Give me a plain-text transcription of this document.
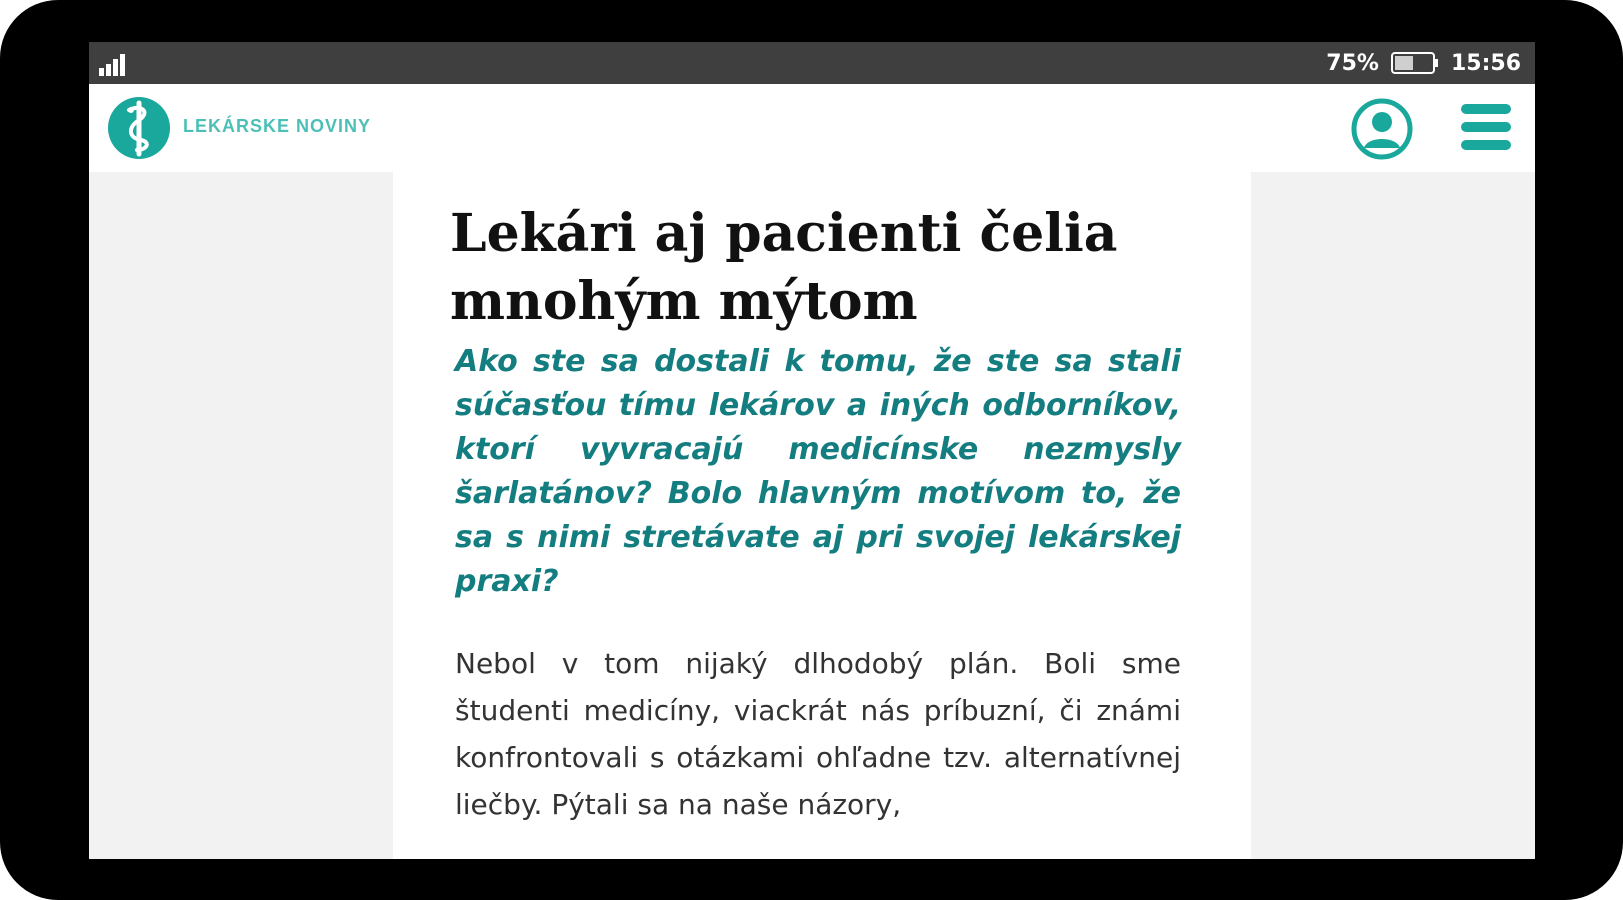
75%	15:56
LEKÁRSKE NOVINY
Lekári aj pacienti čelia mnohým mýtom

Ako ste sa dostali k tomu, že ste sa stali súčasťou tímu lekárov a iných odborníkov, ktorí vyvracajú medicínske nezmysly šarlatánov? Bolo hlavným motívom to, že sa s nimi stretávate aj pri svojej lekárskej praxi?

Nebol v tom nijaký dlhodobý plán. Boli sme študenti medicíny, viackrát nás príbuzní, či známi konfrontovali s otázkami ohľadne tzv. alternatívnej liečby. Pýtali sa na naše názory,
